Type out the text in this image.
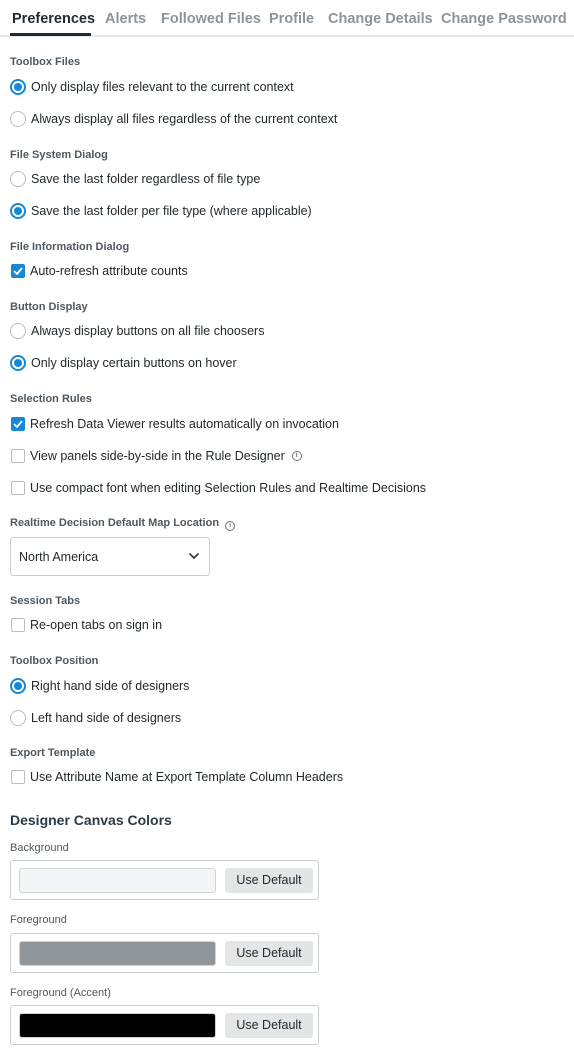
Preferences Alerts Followed Files Profile Change Details Change Password
Toolbox Files
Only display files relevant to the current context
Always display all files regardless of the current context
File System Dialog
Save the last folder regardless of file type
Save the last folder per file type (where applicable)
File Information Dialog
Auto-refresh attribute counts
Button Display
Always display buttons on all file choosers
Only display certain buttons on hover
Selection Rules
Refresh Data Viewer results automatically on invocation
View panels side-by-side in the Rule Designer	i
Use compact font when editing Selection Rules and Realtime Decisions
Realtime Decision Default Map Location i
North America
Session Tabs
Re-open tabs on sign in
Toolbox Position
Right hand side of designers
Left hand side of designers
Export Template
Use Attribute Name at Export Template Column Headers
Designer Canvas Colors
Background
Use Default
Foreground
Use Default
Foreground (Accent)
Use Default
